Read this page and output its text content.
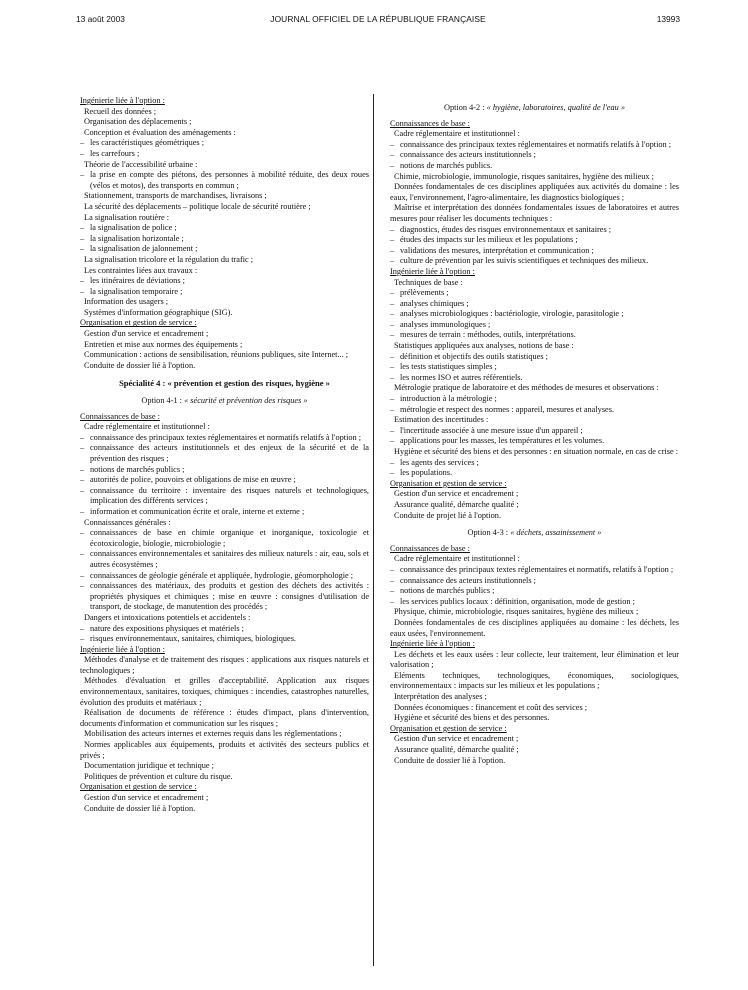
13 août 2003	JOURNAL OFFICIEL DE LA RÉPUBLIQUE FRANÇAISE	13993

Ingénierie liée à l'option :

Recueil des données ;

Organisation des déplacements ;

Conception et évaluation des aménagements :

– les caractéristiques géométriques ;

– les carrefours ;

Théorie de l'accessibilité urbaine :

– la prise en compte des piétons, des personnes à mobilité réduite, des deux roues (vélos et motos), des transports en commun ;

Stationnement, transports de marchandises, livraisons ;

La sécurité des déplacements – politique locale de sécurité routière ;

La signalisation routière :

– la signalisation de police ;

– la signalisation horizontale ;

– la signalisation de jalonnement ;

La signalisation tricolore et la régulation du trafic ;

Les contraintes liées aux travaux :

– les itinéraires de déviations ;

– la signalisation temporaire ;

Information des usagers ;

Systèmes d'information géographique (SIG).

Organisation et gestion de service :

Gestion d'un service et encadrement ;

Entretien et mise aux normes des équipements ;

Communication : actions de sensibilisation, réunions publiques, site Internet... ;

Conduite de dossier lié à l'option.

Spécialité 4 : « prévention et gestion des risques, hygiène »

Option 4-1 : « sécurité et prévention des risques »

Connaissances de base :

Cadre réglementaire et institutionnel :

– connaissance des principaux textes réglementaires et normatifs relatifs à l'option ;

– connaissance des acteurs institutionnels et des enjeux de la sécurité et de la prévention des risques ;

– notions de marchés publics ;

– autorités de police, pouvoirs et obligations de mise en œuvre ;

– connaissance du territoire : inventaire des risques naturels et technologiques, implication des différents services ;

– information et communication écrite et orale, interne et externe ;

Connaissances générales :

– connaissances de base en chimie organique et inorganique, toxicologie et écotoxicologie, biologie, microbiologie ;

– connaissances environnementales et sanitaires des milieux naturels : air, eau, sols et autres écosystèmes ;

– connaissances de géologie générale et appliquée, hydrologie, géomorphologie ;

– connaissances des matériaux, des produits et gestion des déchets des activités : propriétés physiques et chimiques ; mise en œuvre : consignes d'utilisation de transport, de stockage, de manutention des procédés ;

Dangers et intoxications potentiels et accidentels :

– nature des expositions physiques et matériels ;

– risques environnementaux, sanitaires, chimiques, biologiques.

Ingénierie liée à l'option :

Méthodes d'analyse et de traitement des risques : applications aux risques naturels et technologiques ;

Méthodes d'évaluation et grilles d'acceptabilité. Application aux risques environnementaux, sanitaires, toxiques, chimiques : incendies, catastrophes naturelles, évolution des produits et matériaux ;

Réalisation de documents de référence : études d'impact, plans d'intervention, documents d'information et communication sur les risques ;

Mobilisation des acteurs internes et externes requis dans les réglementations ;

Normes applicables aux équipements, produits et activités des secteurs publics et privés ;

Documentation juridique et technique ;

Politiques de prévention et culture du risque.

Organisation et gestion de service :

Gestion d'un service et encadrement ;

Conduite de dossier lié à l'option.

Option 4-2 : « hygiène, laboratoires, qualité de l'eau »

Connaissances de base :

Cadre réglementaire et institutionnel :

– connaissance des principaux textes réglementaires et normatifs relatifs à l'option ;

– connaissance des acteurs institutionnels ;

– notions de marchés publics.

Chimie, microbiologie, immunologie, risques sanitaires, hygiène des milieux ;

Données fondamentales de ces disciplines appliquées aux activités du domaine : les eaux, l'environnement, l'agro-alimentaire, les diagnostics biologiques ;

Maîtrise et interprétation des données fondamentales issues de laboratoires et autres mesures pour réaliser les documents techniques :

– diagnostics, études des risques environnementaux et sanitaires ;

– études des impacts sur les milieux et les populations ;

– validations des mesures, interprétation et communication ;

– culture de prévention par les suivis scientifiques et techniques des milieux.

Ingénierie liée à l'option :

Techniques de base :

– prélèvements ;

– analyses chimiques ;

– analyses microbiologiques : bactériologie, virologie, parasitologie ;

– analyses immunologiques ;

– mesures de terrain : méthodes, outils, interprétations.

Statistiques appliquées aux analyses, notions de base :

– définition et objectifs des outils statistiques ;

– les tests statistiques simples ;

– les normes ISO et autres référentiels.

Métrologie pratique de laboratoire et des méthodes de mesures et observations :

– introduction à la métrologie ;

– métrologie et respect des normes : appareil, mesures et analyses.

Estimation des incertitudes :

– l'incertitude associée à une mesure issue d'un appareil ;

– applications pour les masses, les températures et les volumes.

Hygiène et sécurité des biens et des personnes : en situation normale, en cas de crise :

– les agents des services ;

– les populations.

Organisation et gestion de service :

Gestion d'un service et encadrement ;

Assurance qualité, démarche qualité ;

Conduite de projet lié à l'option.

Option 4-3 : « déchets, assainissement »

Connaissances de base :

Cadre réglementaire et institutionnel :

– connaissance des principaux textes réglementaires et normatifs, relatifs à l'option ;

– connaissance des acteurs institutionnels ;

– notions de marchés publics ;

– les services publics locaux : définition, organisation, mode de gestion ;

Physique, chimie, microbiologie, risques sanitaires, hygiène des milieux ;

Données fondamentales de ces disciplines appliquées au domaine : les déchets, les eaux usées, l'environnement.

Ingénierie liée à l'option :

Les déchets et les eaux usées : leur collecte, leur traitement, leur élimination et leur valorisation ;

Eléments techniques, technologiques, économiques, sociologiques, environnementaux : impacts sur les milieux et les populations ;

Interprétation des analyses ;

Données économiques : financement et coût des services ;

Hygiène et sécurité des biens et des personnes.

Organisation et gestion de service :

Gestion d'un service et encadrement ;

Assurance qualité, démarche qualité ;

Conduite de dossier lié à l'option.
